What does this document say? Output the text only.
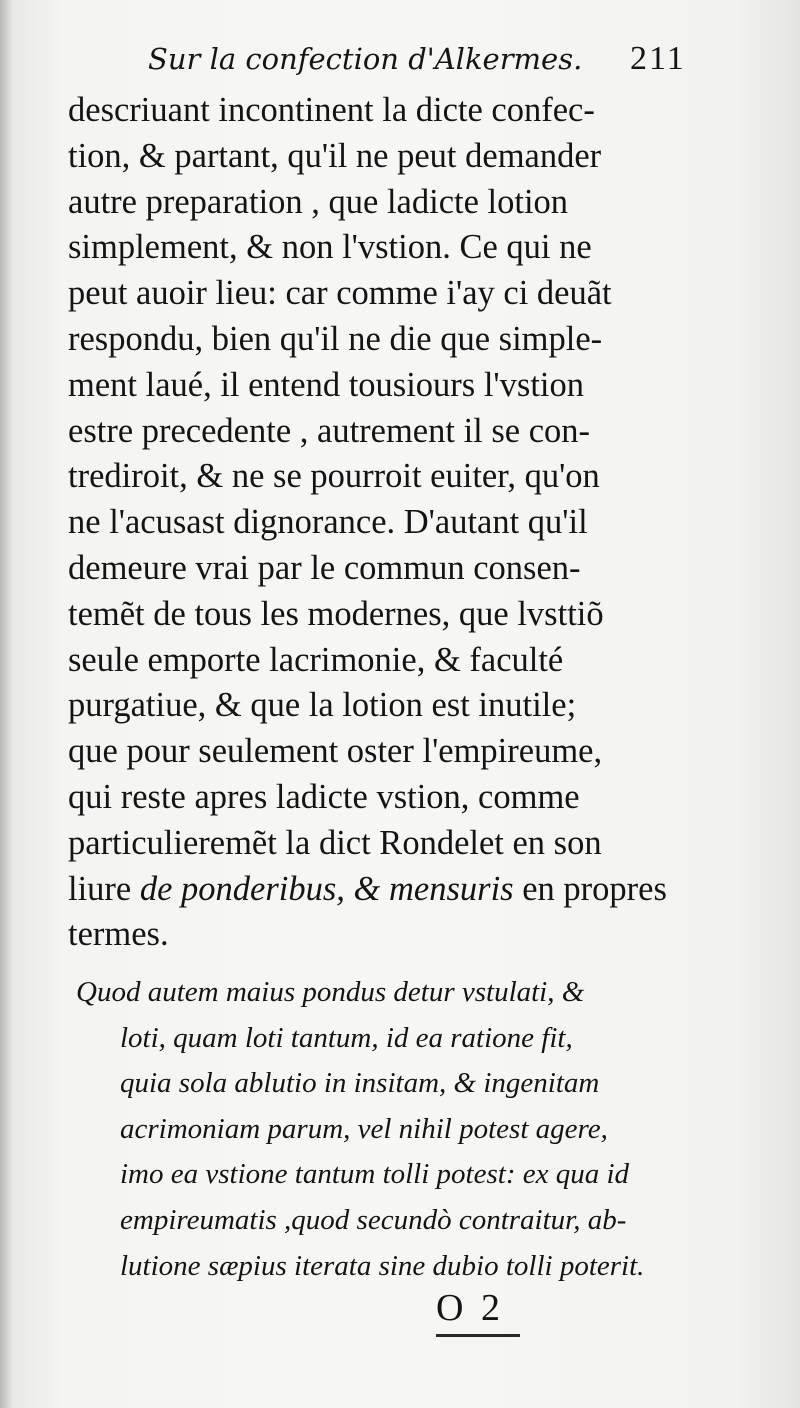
Sur la confection d'Alkermes. 211
descriuant incontinent la dicte confec-
tion, & partant, qu'il ne peut demander
autre preparation , que ladicte lotion
simplement, & non l'vstion. Ce qui ne
peut auoir lieu: car comme i'ay ci deuãt
respondu, bien qu'il ne die que simple-
ment laué, il entend tousiours l'vstion
estre precedente , autrement il se con-
trediroit, & ne se pourroit euiter, qu'on
ne l'acusast dignorance. D'autant qu'il
demeure vrai par le commun consen-
temẽt de tous les modernes, que lvsttiõ
seule emporte lacrimonie, & faculté
purgatiue, & que la lotion est inutile;
que pour seulement oster l'empireume,
qui reste apres ladicte vstion, comme
particulieremẽt la dict Rondelet en son
liure de ponderibus, & mensuris en propres
termes.
Quod autem maius pondus detur vstulati, &
loti, quam loti tantum, id ea ratione fit,
quia sola ablutio in insitam, & ingenitam
acrimoniam parum, vel nihil potest agere,
imo ea vstione tantum tolli potest: ex qua id
empireumatis ,quod secundò contraitur, ab-
lutione sæpius iterata sine dubio tolli poterit.
O 2
